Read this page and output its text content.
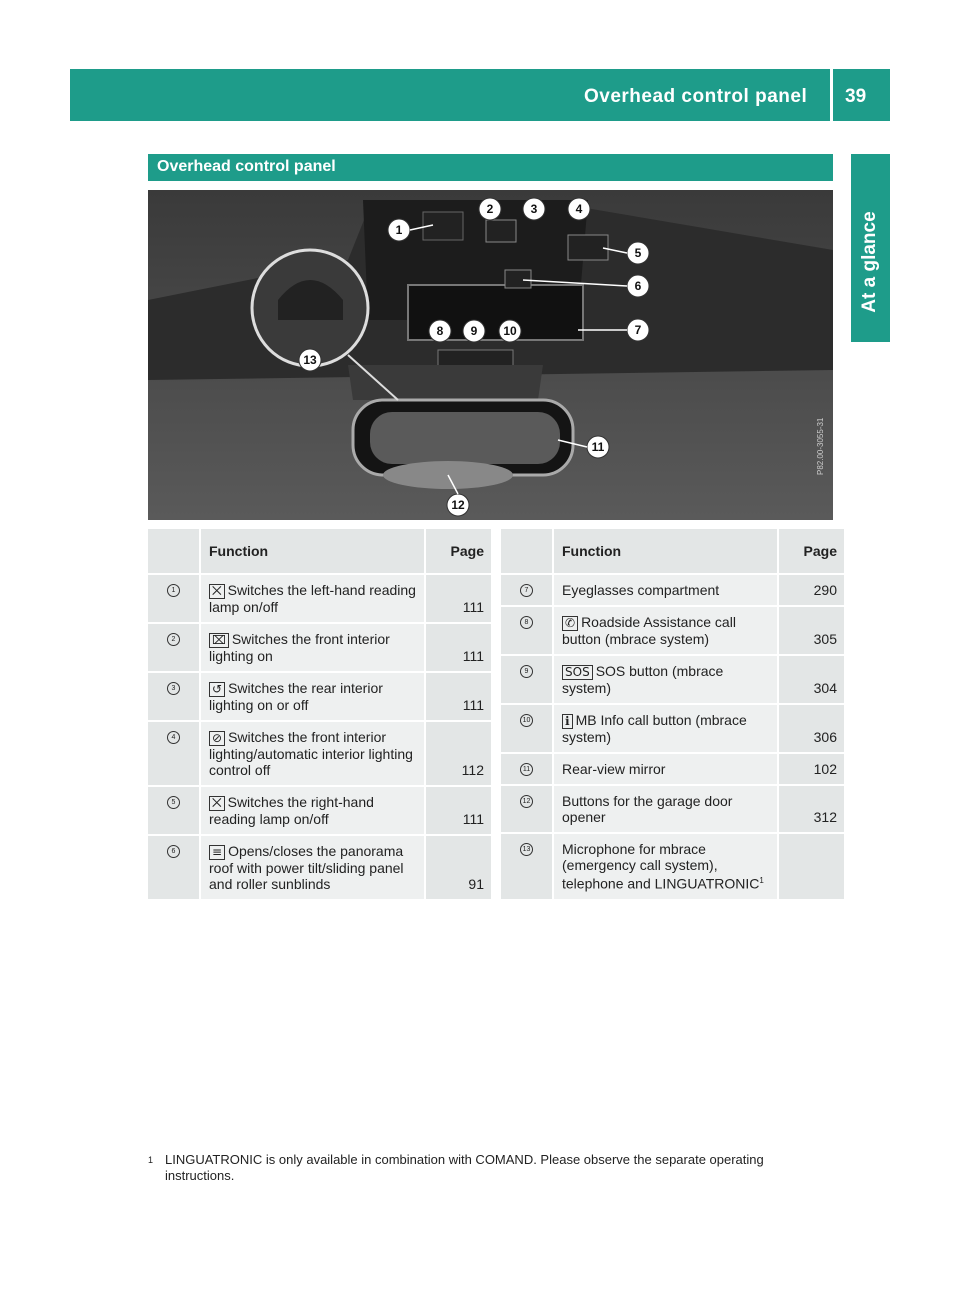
Overhead control panel 39
At a glance
Overhead control panel
1
2	3	4
5
6
7
8 9 10
11
12
13
P82.00-3055-31
	Function	Page
1	⨉ Switches the left-hand reading lamp on/off	111
2	⌧ Switches the front interior lighting on	111
3	↺ Switches the rear interior lighting on or off	111
4	⊘ Switches the front interior lighting/automatic interior lighting control off	112
5	⨉ Switches the right-hand reading lamp on/off	111
6	≡ Opens/closes the panorama roof with power tilt/sliding panel and roller sunblinds	91
	Function	Page
7	Eyeglasses compartment	290
8	✆ Roadside Assistance call button (mbrace system)	305
9	SOS SOS button (mbrace system)	304
10	ℹ MB Info call button (mbrace system)	306
11	Rear-view mirror	102
12	Buttons for the garage door opener	312
13	Microphone for mbrace (emergency call system), telephone and LINGUATRONIC$^1$	
1 LINGUATRONIC is only available in combination with COMAND. Please observe the separate operating instructions.
